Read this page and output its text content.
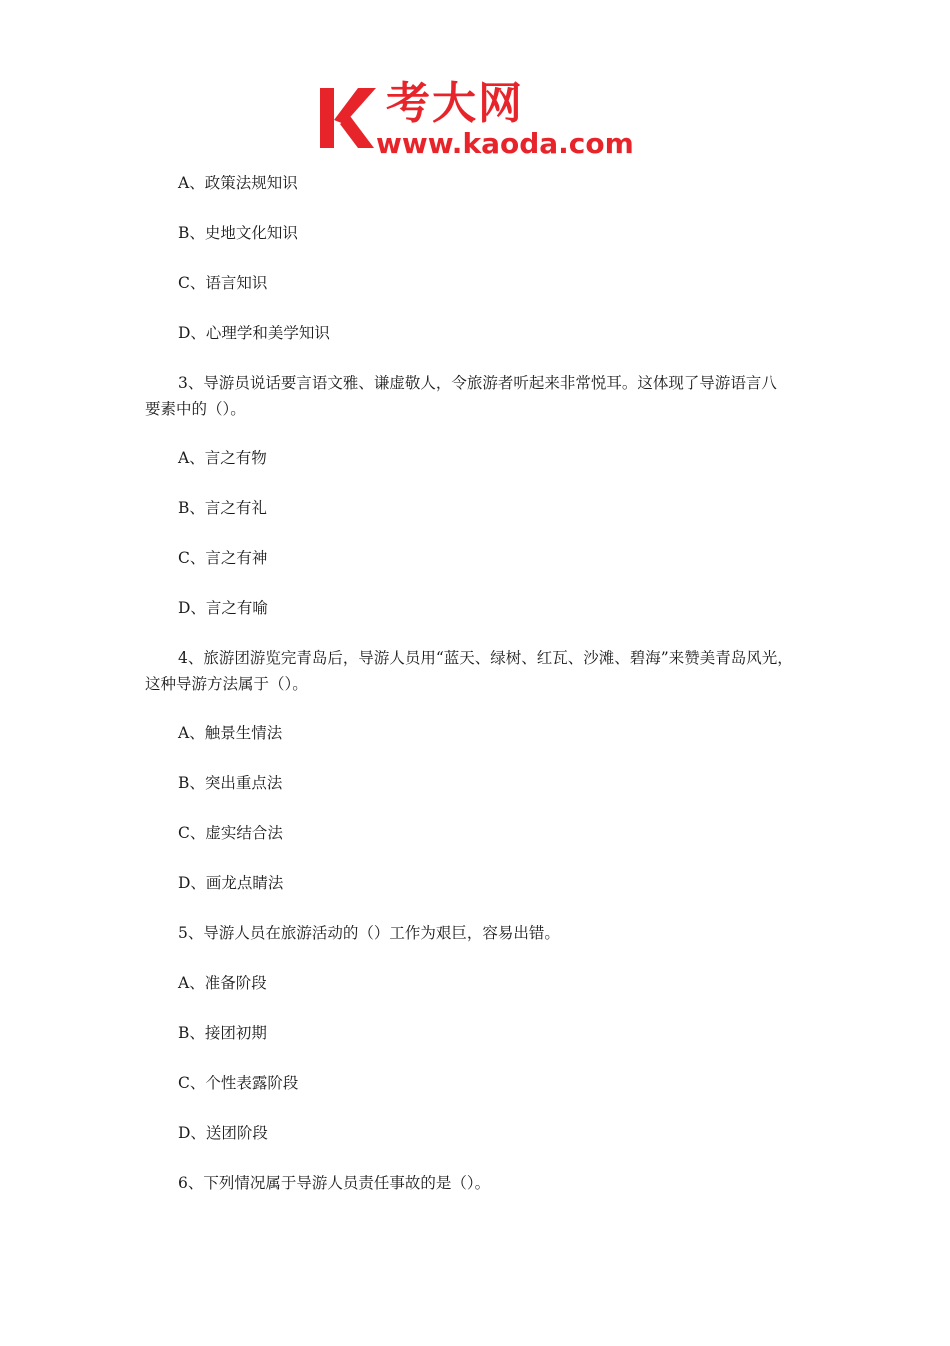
考大网
www.kaoda.com
A、政策法规知识
B、史地文化知识
C、语言知识
D、心理学和美学知识
3、导游员说话要言语文雅、谦虚敬人，令旅游者听起来非常悦耳。这体现了导游语言八
要素中的（）。
A、言之有物
B、言之有礼
C、言之有神
D、言之有喻
4、旅游团游览完青岛后，导游人员用“蓝天、绿树、红瓦、沙滩、碧海”来赞美青岛风光，
这种导游方法属于（）。
A、触景生情法
B、突出重点法
C、虚实结合法
D、画龙点睛法
5、导游人员在旅游活动的（）工作为艰巨，容易出错。
A、准备阶段
B、接团初期
C、个性表露阶段
D、送团阶段
6、下列情况属于导游人员责任事故的是（）。
